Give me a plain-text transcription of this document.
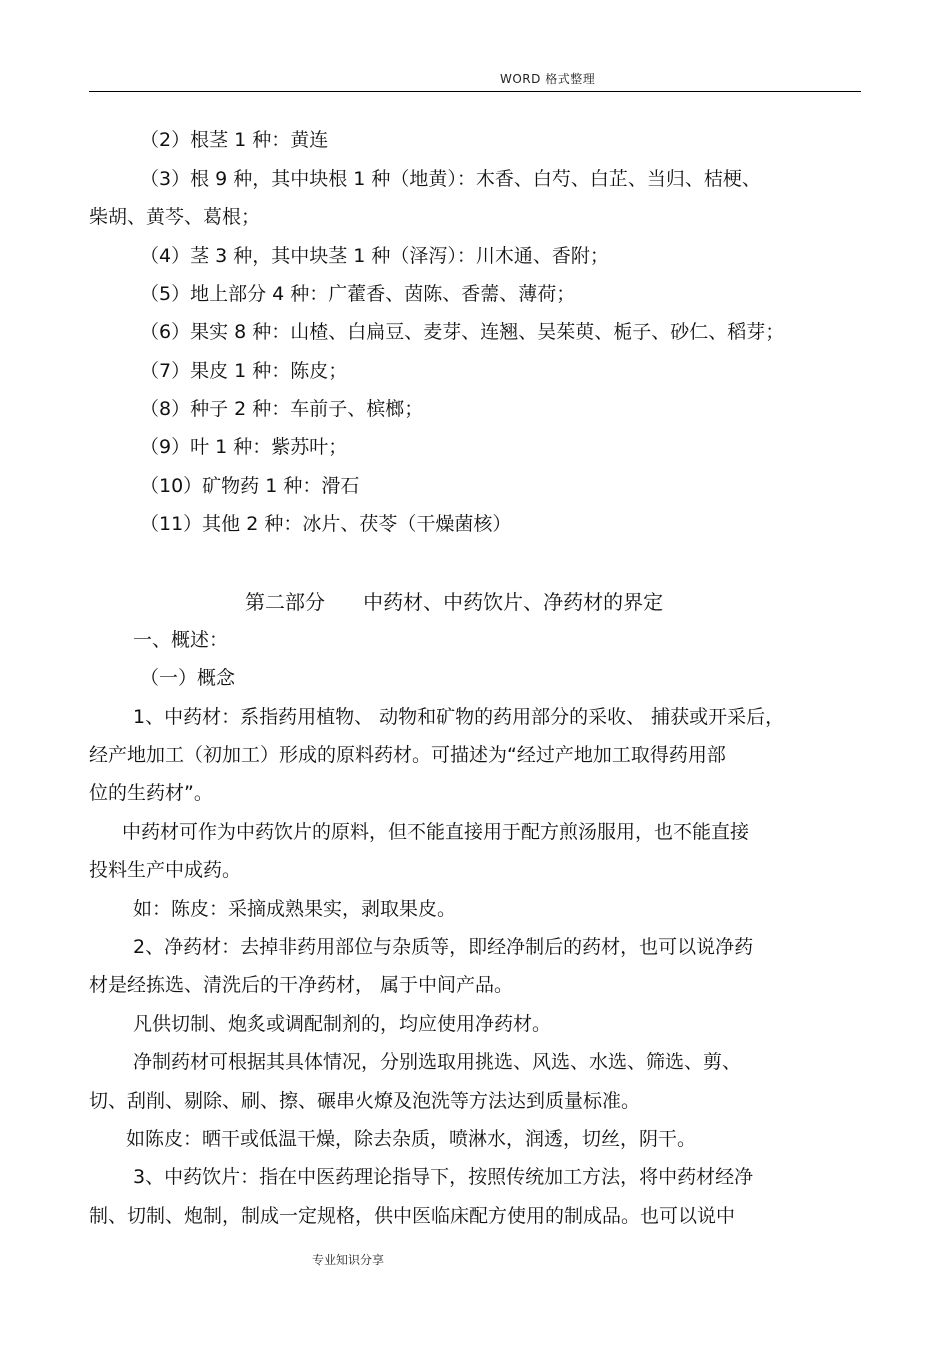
WORD 格式整理
（2）根茎 1 种：黄连
（3）根 9 种，其中块根 1 种（地黄）：木香、白芍、白芷、当归、桔梗、
柴胡、黄芩、葛根；
（4）茎 3 种，其中块茎 1 种（泽泻）：川木通、香附；
（5）地上部分 4 种：广藿香、茵陈、香薷、薄荷；
（6）果实 8 种：山楂、白扁豆、麦芽、连翘、吴茱萸、栀子、砂仁、稻芽；
（7）果皮 1 种：陈皮；
（8）种子 2 种：车前子、槟榔；
（9）叶 1 种：紫苏叶；
（10）矿物药 1 种：滑石
（11）其他 2 种：冰片、茯苓（干燥菌核）
第二部分      中药材、中药饮片、净药材的界定
一、概述：
（一）概念
1、中药材：系指药用植物、 动物和矿物的药用部分的采收、 捕获或开采后，
经产地加工（初加工）形成的原料药材。可描述为“经过产地加工取得药用部
位的生药材”。
中药材可作为中药饮片的原料，但不能直接用于配方煎汤服用，也不能直接
投料生产中成药。
如：陈皮：采摘成熟果实，剥取果皮。
2、净药材：去掉非药用部位与杂质等，即经净制后的药材，也可以说净药
材是经拣选、清洗后的干净药材， 属于中间产品。
凡供切制、炮炙或调配制剂的，均应使用净药材。
净制药材可根据其具体情况，分别选取用挑选、风选、水选、筛选、剪、
切、刮削、剔除、刷、擦、碾串火燎及泡洗等方法达到质量标准。
如陈皮：晒干或低温干燥，除去杂质，喷淋水，润透，切丝，阴干。
3、中药饮片：指在中医药理论指导下，按照传统加工方法，将中药材经净
制、切制、炮制，制成一定规格，供中医临床配方使用的制成品。也可以说中
专业知识分享
